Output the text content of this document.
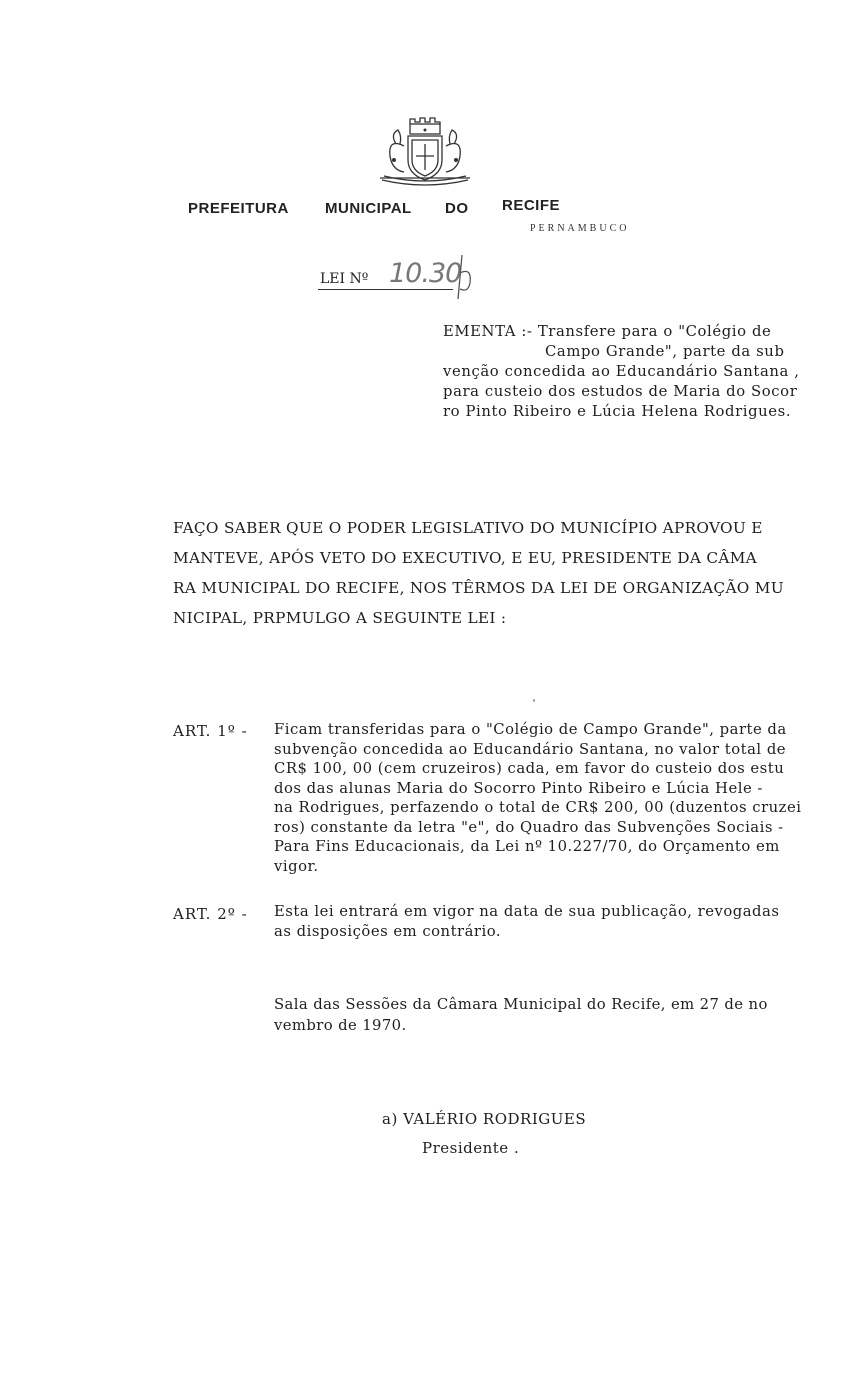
PREFEITURA MUNICIPAL DO RECIFE
PERNAMBUCO
LEI Nº 10.30
EMENTA :- Transfere para o "Colégio de
Campo Grande", parte da sub
venção concedida ao Educandário Santana ,
para custeio dos estudos de Maria do Socor
ro Pinto Ribeiro e Lúcia Helena Rodrigues.
FAÇO SABER QUE O PODER LEGISLATIVO DO MUNICÍPIO APROVOU E
MANTEVE, APÓS VETO DO EXECUTIVO, E EU, PRESIDENTE DA CÂMA
RA MUNICIPAL DO RECIFE, NOS TÊRMOS DA LEI DE ORGANIZAÇÃO MU
NICIPAL, PRPMULGO A SEGUINTE LEI :
ART. 1º - Ficam transferidas para o "Colégio de Campo Grande", parte da
subvenção concedida ao Educandário Santana, no valor total de
CR$ 100, 00 (cem cruzeiros) cada, em favor do custeio dos estu
dos das alunas Maria do Socorro Pinto Ribeiro e Lúcia Hele -
na Rodrigues, perfazendo o total de CR$ 200, 00 (duzentos cruzei
ros) constante da letra "e", do Quadro das Subvenções Sociais -
Para Fins Educacionais, da Lei nº 10.227/70, do Orçamento em
vigor.
ART. 2º - Esta lei entrará em vigor na data de sua publicação, revogadas
as disposições em contrário.
Sala das Sessões da Câmara Municipal do Recife, em 27 de no
vembro de 1970.
a) VALÉRIO RODRIGUES
Presidente .
